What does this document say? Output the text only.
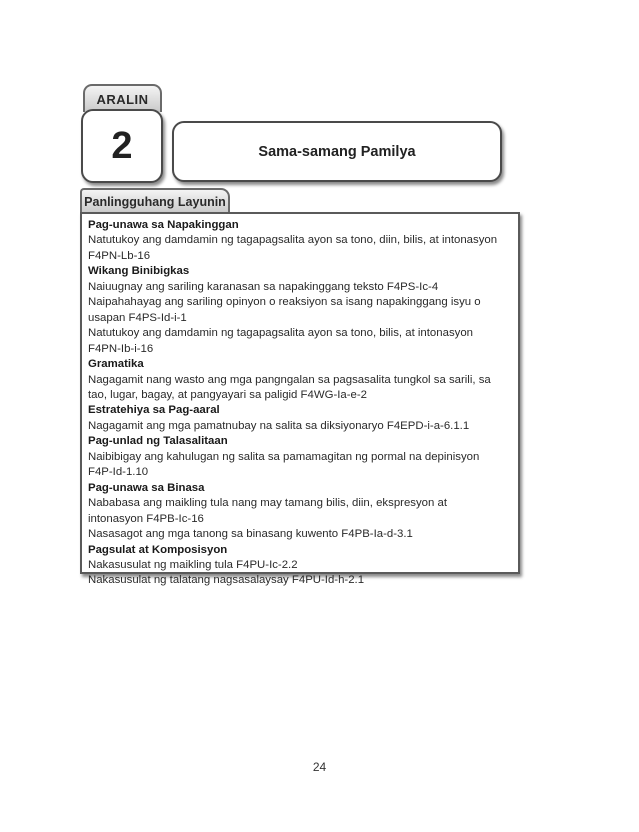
ARALIN
2	Sama-samang Pamilya
Panlingguhang Layunin
Pag-unawa sa Napakinggan
Natutukoy ang damdamin ng tagapagsalita ayon sa tono, diin, bilis, at intonasyon
F4PN-Lb-16
Wikang Binibigkas
Naiuugnay ang sariling karanasan sa napakinggang teksto F4PS-Ic-4
Naipahahayag ang sariling opinyon o reaksiyon sa isang napakinggang isyu o
usapan F4PS-Id-i-1
Natutukoy ang damdamin ng tagapagsalita ayon sa tono, bilis, at intonasyon
F4PN-Ib-i-16
Gramatika
Nagagamit nang wasto ang mga pangngalan sa pagsasalita tungkol sa sarili, sa
tao, lugar, bagay, at pangyayari sa paligid F4WG-Ia-e-2
Estratehiya sa Pag-aaral
Nagagamit ang mga pamatnubay na salita sa diksiyonaryo F4EPD-i-a-6.1.1
Pag-unlad ng Talasalitaan
Naibibigay ang kahulugan ng salita sa pamamagitan ng pormal na depinisyon
F4P-Id-1.10
Pag-unawa sa Binasa
Nababasa ang maikling tula nang may tamang bilis, diin, ekspresyon at
intonasyon F4PB-Ic-16
Nasasagot ang mga tanong sa binasang kuwento F4PB-Ia-d-3.1
Pagsulat at Komposisyon
Nakasusulat ng maikling tula F4PU-Ic-2.2
Nakasusulat ng talatang nagsasalaysay F4PU-Id-h-2.1
24
